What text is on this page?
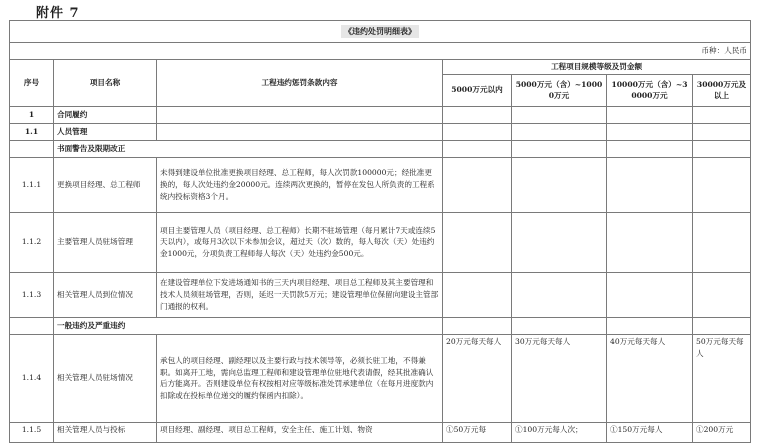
附件 7
《违约处罚明细表》						
币种：人民币						
序号	项目名称	工程违约惩罚条款内容	工程项目规模等级及罚金额			
			5000万元以内	5000万元（含）~10000万元	10000万元（含）~30000万元	30000万元及以上
1	合同履约					
1.1	人员管理					
	书面警告及限期改正					
1.1.1	更换项目经理、总工程师	未得到建设单位批准更换项目经理、总工程师，每人次罚款100000元；经批准更换的，每人次处违约金20000元。连续两次更换的，暂停在发包人所负责的工程系统内投标资格3个月。				
1.1.2	主要管理人员驻场管理	项目主要管理人员（项目经理、总工程师）长期不驻场管理（每月累计7天或连续5天以内），或每月3次以下未参加会议，超过天（次）数的，每人每次（天）处违约金1000元，分项负责工程师每人每次（天）处违约金500元。				
1.1.3	相关管理人员到位情况	在建设管理单位下发进场通知书的三天内项目经理、项目总工程师及其主要管理和技术人员须驻场管理，否则，延迟一天罚款5万元；建设管理单位保留向建设主管部门通报的权利。				
	一般违约及严重违约					
1.1.4	相关管理人员驻场情况	承包人的项目经理、副经理以及主要行政与技术领导等，必须长驻工地，不得兼职。如离开工地，需向总监理工程师和建设管理单位驻地代表请假，经其批准确认后方能离开。否则建设单位有权按相对应等级标准处罚承建单位（在每月进度款内扣除或在投标单位递交的履约保函内扣除）。	20万元每天每人	30万元每天每人	40万元每天每人	50万元每天每人
1.1.5	相关管理人员与投标	项目经理、副经理、项目总工程师，安全主任、施工计划、物资	①50万元每	①100万元每人次；	①150万元每人	①200万元
